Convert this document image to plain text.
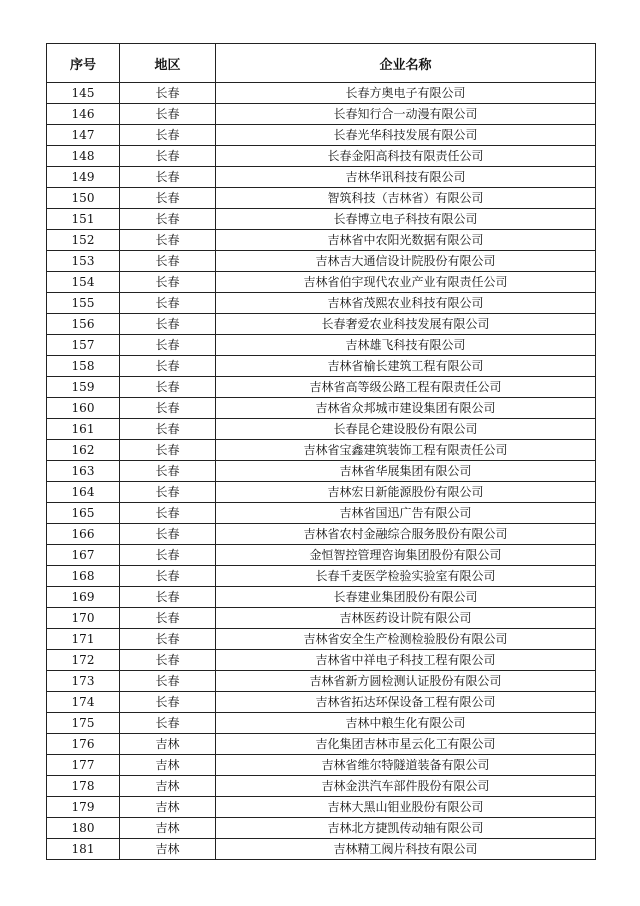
序号	地区	企业名称
145	长春	长春方奥电子有限公司
146	长春	长春知行合一动漫有限公司
147	长春	长春光华科技发展有限公司
148	长春	长春金阳高科技有限责任公司
149	长春	吉林华讯科技有限公司
150	长春	智筑科技（吉林省）有限公司
151	长春	长春博立电子科技有限公司
152	长春	吉林省中农阳光数据有限公司
153	长春	吉林吉大通信设计院股份有限公司
154	长春	吉林省伯宇现代农业产业有限责任公司
155	长春	吉林省茂熙农业科技有限公司
156	长春	长春奢爱农业科技发展有限公司
157	长春	吉林雄飞科技有限公司
158	长春	吉林省榆长建筑工程有限公司
159	长春	吉林省高等级公路工程有限责任公司
160	长春	吉林省众邦城市建设集团有限公司
161	长春	长春昆仑建设股份有限公司
162	长春	吉林省宝鑫建筑装饰工程有限责任公司
163	长春	吉林省华展集团有限公司
164	长春	吉林宏日新能源股份有限公司
165	长春	吉林省国迅广告有限公司
166	长春	吉林省农村金融综合服务股份有限公司
167	长春	金恒智控管理咨询集团股份有限公司
168	长春	长春千麦医学检验实验室有限公司
169	长春	长春建业集团股份有限公司
170	长春	吉林医药设计院有限公司
171	长春	吉林省安全生产检测检验股份有限公司
172	长春	吉林省中祥电子科技工程有限公司
173	长春	吉林省新方圆检测认证股份有限公司
174	长春	吉林省拓达环保设备工程有限公司
175	长春	吉林中粮生化有限公司
176	吉林	吉化集团吉林市星云化工有限公司
177	吉林	吉林省维尔特隧道装备有限公司
178	吉林	吉林金洪汽车部件股份有限公司
179	吉林	吉林大黑山钼业股份有限公司
180	吉林	吉林北方捷凯传动轴有限公司
181	吉林	吉林精工阀片科技有限公司
